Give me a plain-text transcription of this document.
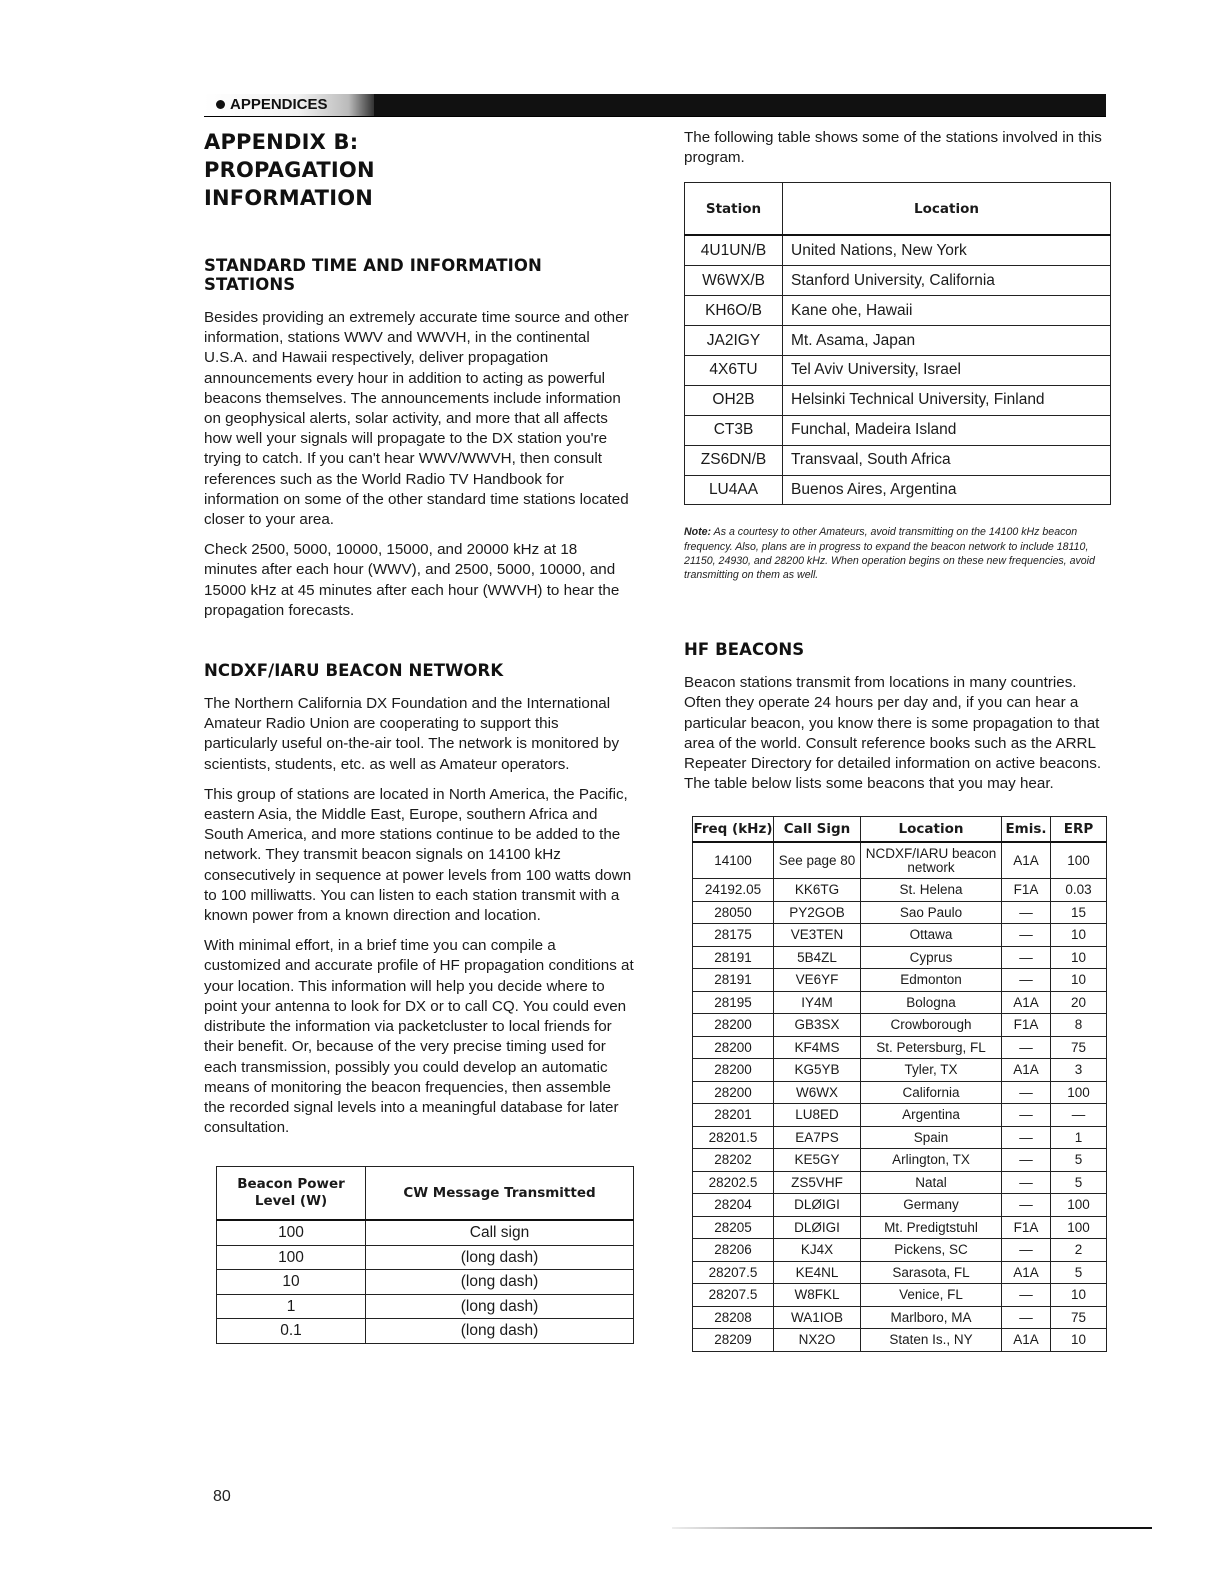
APPENDICES
APPENDIX B: PROPAGATION INFORMATION
STANDARD TIME AND INFORMATION STATIONS

Besides providing an extremely accurate time source and other information, stations WWV and WWVH, in the continental U.S.A. and Hawaii respectively, deliver propagation announcements every hour in addition to acting as powerful beacons themselves. The announcements include information on geophysical alerts, solar activity, and more that all affects how well your signals will propagate to the DX station you're trying to catch. If you can't hear WWV/WWVH, then consult references such as the World Radio TV Handbook for information on some of the other standard time stations located closer to your area.

Check 2500, 5000, 10000, 15000, and 20000 kHz at 18 minutes after each hour (WWV), and 2500, 5000, 10000, and 15000 kHz at 45 minutes after each hour (WWVH) to hear the propagation forecasts.

NCDXF/IARU BEACON NETWORK

The Northern California DX Foundation and the International Amateur Radio Union are cooperating to support this particularly useful on-the-air tool. The network is monitored by scientists, students, etc. as well as Amateur operators.

This group of stations are located in North America, the Pacific, eastern Asia, the Middle East, Europe, southern Africa and South America, and more stations continue to be added to the network. They transmit beacon signals on 14100 kHz consecutively in sequence at power levels from 100 watts down to 100 milliwatts. You can listen to each station transmit with a known power from a known direction and location.

With minimal effort, in a brief time you can compile a customized and accurate profile of HF propagation conditions at your location. This information will help you decide where to point your antenna to look for DX or to call CQ. You could even distribute the information via packetcluster to local friends for their benefit. Or, because of the very precise timing used for each transmission, possibly you could develop an automatic means of monitoring the beacon frequencies, then assemble the recorded signal levels into a meaningful database for later consultation.

Beacon Power Level (W)	CW Message Transmitted
100	Call sign
100	(long dash)
10	(long dash)
1	(long dash)
0.1	(long dash)

The following table shows some of the stations involved in this program.

Station	Location
4U1UN/B	United Nations, New York
W6WX/B	Stanford University, California
KH6O/B	Kane ohe, Hawaii
JA2IGY	Mt. Asama, Japan
4X6TU	Tel Aviv University, Israel
OH2B	Helsinki Technical University, Finland
CT3B	Funchal, Madeira Island
ZS6DN/B	Transvaal, South Africa
LU4AA	Buenos Aires, Argentina

Note: As a courtesy to other Amateurs, avoid transmitting on the 14100 kHz beacon frequency. Also, plans are in progress to expand the beacon network to include 18110, 21150, 24930, and 28200 kHz. When operation begins on these new frequencies, avoid transmitting on them as well.

HF BEACONS

Beacon stations transmit from locations in many countries. Often they operate 24 hours per day and, if you can hear a particular beacon, you know there is some propagation to that area of the world. Consult reference books such as the ARRL Repeater Directory for detailed information on active beacons. The table below lists some beacons that you may hear.

Freq (kHz)	Call Sign	Location	Emis.	ERP
14100	See page 80	NCDXF/IARU beacon network	A1A	100
24192.05	KK6TG	St. Helena	F1A	0.03
28050	PY2GOB	Sao Paulo	—	15
28175	VE3TEN	Ottawa	—	10
28191	5B4ZL	Cyprus	—	10
28191	VE6YF	Edmonton	—	10
28195	IY4M	Bologna	A1A	20
28200	GB3SX	Crowborough	F1A	8
28200	KF4MS	St. Petersburg, FL	—	75
28200	KG5YB	Tyler, TX	A1A	3
28200	W6WX	California	—	100
28201	LU8ED	Argentina	—	—
28201.5	EA7PS	Spain	—	1
28202	KE5GY	Arlington, TX	—	5
28202.5	ZS5VHF	Natal	—	5
28204	DLØIGI	Germany	—	100
28205	DLØIGI	Mt. Predigtstuhl	F1A	100
28206	KJ4X	Pickens, SC	—	2
28207.5	KE4NL	Sarasota, FL	A1A	5
28207.5	W8FKL	Venice, FL	—	10
28208	WA1IOB	Marlboro, MA	—	75
28209	NX2O	Staten Is., NY	A1A	10
80
